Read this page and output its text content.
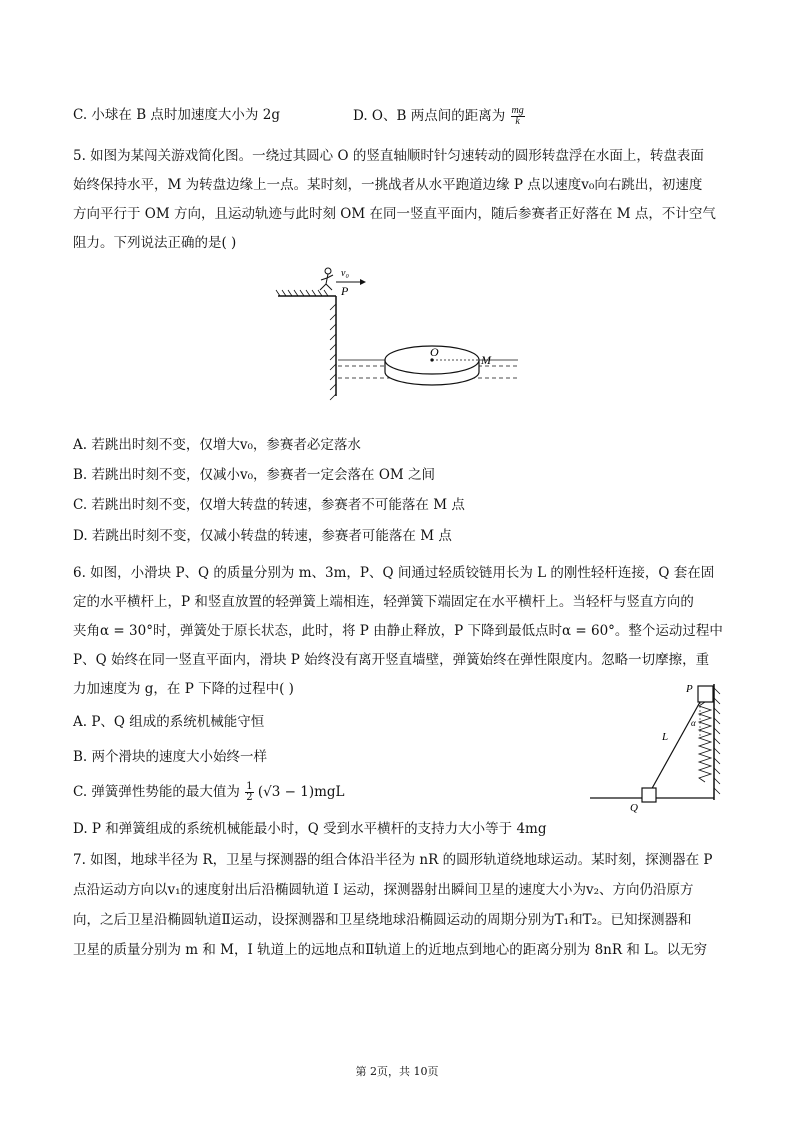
C. 小球在 B 点时加速度大小为 2g	D. O、B 两点间的距离为 $\frac{mg}{k}$
5. 如图为某闯关游戏简化图。一绕过其圆心 O 的竖直轴顺时针匀速转动的圆形转盘浮在水面上，转盘表面
始终保持水平，M 为转盘边缘上一点。某时刻，一挑战者从水平跑道边缘 P 点以速度v₀向右跳出，初速度
方向平行于 OM 方向，且运动轨迹与此时刻 OM 在同一竖直平面内，随后参赛者正好落在 M 点，不计空气
阻力。下列说法正确的是( )
v₀
P
O
M
A. 若跳出时刻不变，仅增大v₀，参赛者必定落水
B. 若跳出时刻不变，仅减小v₀，参赛者一定会落在 OM 之间
C. 若跳出时刻不变，仅增大转盘的转速，参赛者不可能落在 M 点
D. 若跳出时刻不变，仅减小转盘的转速，参赛者可能落在 M 点
6. 如图，小滑块 P、Q 的质量分别为 m、3m，P、Q 间通过轻质铰链用长为 L 的刚性轻杆连接，Q 套在固
定的水平横杆上，P 和竖直放置的轻弹簧上端相连，轻弹簧下端固定在水平横杆上。当轻杆与竖直方向的
夹角α = 30°时，弹簧处于原长状态，此时，将 P 由静止释放，P 下降到最低点时α = 60°。整个运动过程中
P、Q 始终在同一竖直平面内，滑块 P 始终没有离开竖直墙壁，弹簧始终在弹性限度内。忽略一切摩擦，重
力加速度为 g，在 P 下降的过程中( )
A. P、Q 组成的系统机械能守恒
B. 两个滑块的速度大小始终一样
C. 弹簧弹性势能的最大值为 $\frac{1}{2} (√3 - 1)mgL$
D. P 和弹簧组成的系统机械能最小时，Q 受到水平横杆的支持力大小等于 4mg
P
α
L
Q
7. 如图，地球半径为 R，卫星与探测器的组合体沿半径为 nR 的圆形轨道绕地球运动。某时刻，探测器在 P
点沿运动方向以v₁的速度射出后沿椭圆轨道 Ⅰ 运动，探测器射出瞬间卫星的速度大小为v₂、方向仍沿原方
向，之后卫星沿椭圆轨道Ⅱ运动，设探测器和卫星绕地球沿椭圆运动的周期分别为T₁和T₂。已知探测器和
卫星的质量分别为 m 和 M，I 轨道上的远地点和Ⅱ轨道上的近地点到地心的距离分别为 8nR 和 L。以无穷
第 2页，共 10页
